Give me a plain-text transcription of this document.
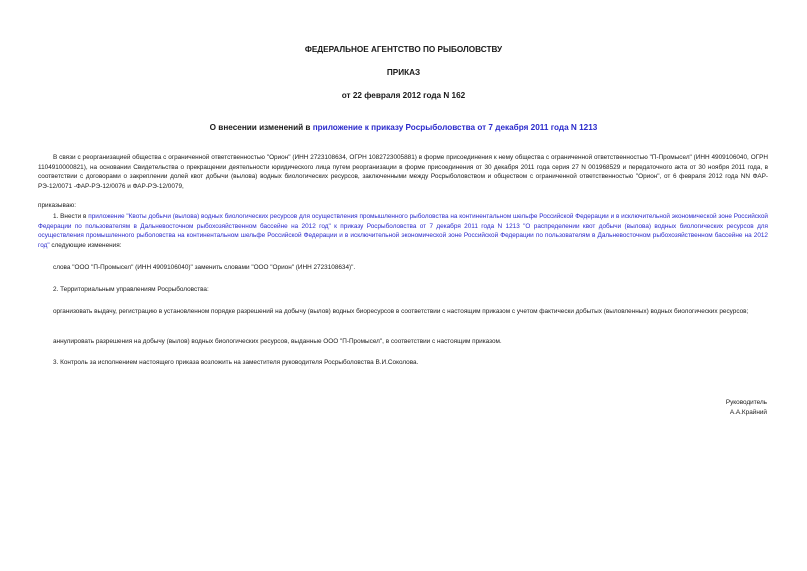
ФЕДЕРАЛЬНОЕ АГЕНТСТВО ПО РЫБОЛОВСТВУ
ПРИКАЗ
от 22 февраля 2012 года N 162
О внесении изменений в приложение к приказу Росрыболовства от 7 декабря 2011 года N 1213
В связи с реорганизацией общества с ограниченной ответственностью "Орион" (ИНН 2723108634, ОГРН 1082723005881) в форме присоединения к нему общества с ограниченной ответственностью "П-Промысел" (ИНН 4909106040, ОГРН 1104910000821), на основании Свидетельства о прекращении деятельности юридического лица путем реорганизации в форме присоединения от 30 декабря 2011 года серия 27 N 001968529 и передаточного акта от 30 ноября 2011 года, в соответствии с договорами о закреплении долей квот добычи (вылова) водных биологических ресурсов, заключенными между Росрыболовством и обществом с ограниченной ответственностью "Орион", от 6 февраля 2012 года NN ФАР-РЭ-12/0071 -ФАР-РЭ-12/0076 и ФАР-РЭ-12/0079,
приказываю:
1. Внести в приложение "Квоты добычи (вылова) водных биологических ресурсов для осуществления промышленного рыболовства на континентальном шельфе Российской Федерации и в исключительной экономической зоне Российской Федерации по пользователям в Дальневосточном рыбохозяйственном бассейне на 2012 год" к приказу Росрыболовства от 7 декабря 2011 года N 1213 "О распределении квот добычи (вылова) водных биологических ресурсов для осуществления промышленного рыболовства на континентальном шельфе Российской Федерации и в исключительной экономической зоне Российской Федерации по пользователям в Дальневосточном рыбохозяйственном бассейне на 2012 год" следующие изменения:
слова "ООО "П-Промысел" (ИНН 4909106040)" заменить словами "ООО "Орион" (ИНН 2723108634)".
2. Территориальным управлениям Росрыболовства:
организовать выдачу, регистрацию в установленном порядке разрешений на добычу (вылов) водных биоресурсов в соответствии с настоящим приказом с учетом фактически добытых (выловленных) водных биологических ресурсов;
аннулировать разрешения на добычу (вылов) водных биологических ресурсов, выданные ООО "П-Промысел", в соответствии с настоящим приказом.
3. Контроль за исполнением настоящего приказа возложить на заместителя руководителя Росрыболовства В.И.Соколова.
Руководитель
А.А.Крайний
